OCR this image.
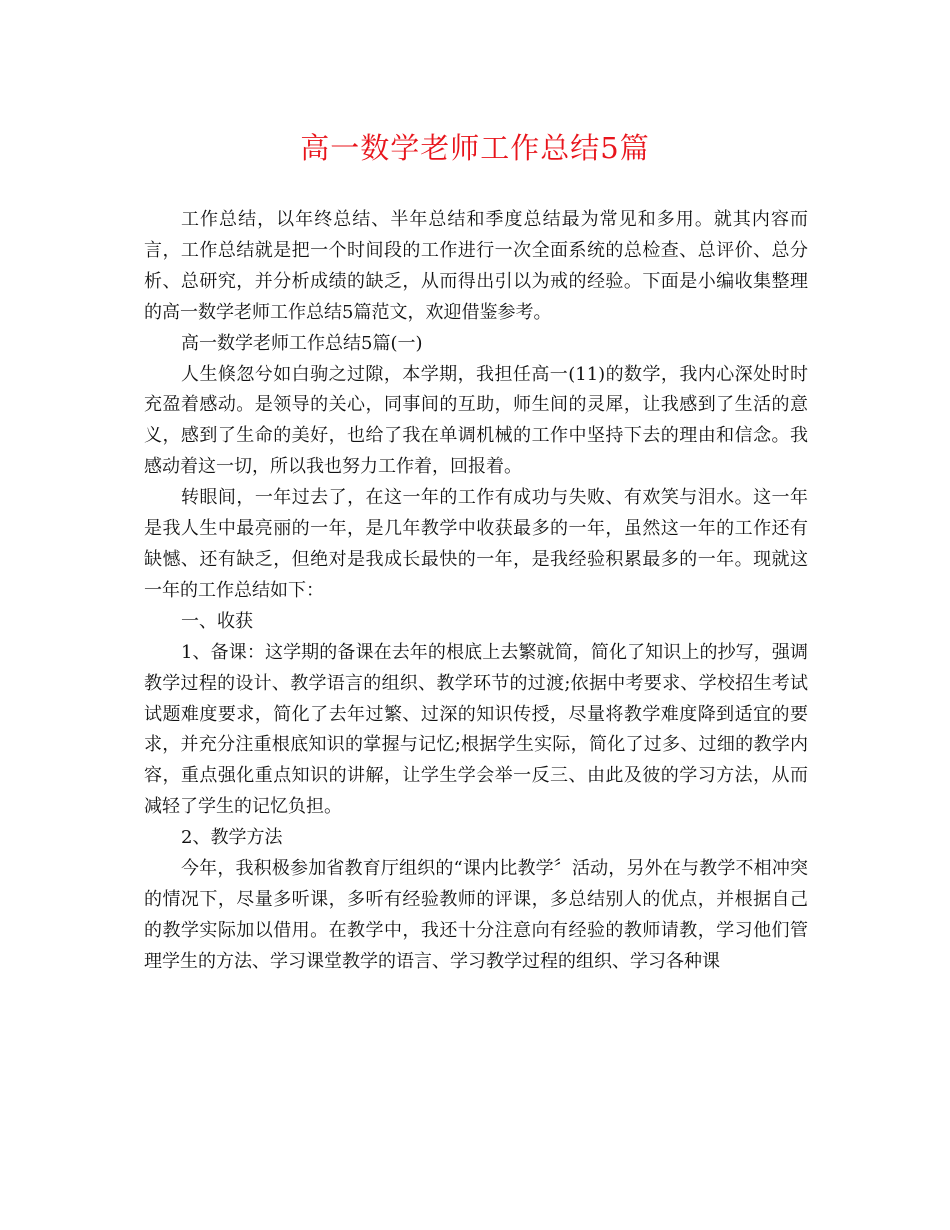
高一数学老师工作总结5篇

工作总结，以年终总结、半年总结和季度总结最为常见和多用。就其内容而言，工作总结就是把一个时间段的工作进行一次全面系统的总检查、总评价、总分析、总研究，并分析成绩的缺乏，从而得出引以为戒的经验。下面是小编收集整理的高一数学老师工作总结5篇范文，欢迎借鉴参考。

高一数学老师工作总结5篇(一)

人生倏忽兮如白驹之过隙，本学期，我担任高一(11)的数学，我内心深处时时充盈着感动。是领导的关心，同事间的互助，师生间的灵犀，让我感到了生活的意义，感到了生命的美好，也给了我在单调机械的工作中坚持下去的理由和信念。我感动着这一切，所以我也努力工作着，回报着。

转眼间，一年过去了，在这一年的工作有成功与失败、有欢笑与泪水。这一年是我人生中最亮丽的一年，是几年教学中收获最多的一年，虽然这一年的工作还有缺憾、还有缺乏，但绝对是我成长最快的一年，是我经验积累最多的一年。现就这一年的工作总结如下：

一、收获

1、备课：这学期的备课在去年的根底上去繁就简，简化了知识上的抄写，强调教学过程的设计、教学语言的组织、教学环节的过渡;依据中考要求、学校招生考试试题难度要求，简化了去年过繁、过深的知识传授，尽量将教学难度降到适宜的要求，并充分注重根底知识的掌握与记忆;根据学生实际，简化了过多、过细的教学内容，重点强化重点知识的讲解，让学生学会举一反三、由此及彼的学习方法，从而减轻了学生的记忆负担。

2、教学方法

今年，我积极参加省教育厅组织的“课内比教学〞活动，另外在与教学不相冲突的情况下，尽量多听课，多听有经验教师的评课，多总结别人的优点，并根据自己的教学实际加以借用。在教学中，我还十分注意向有经验的教师请教，学习他们管理学生的方法、学习课堂教学的语言、学习教学过程的组织、学习各种课
